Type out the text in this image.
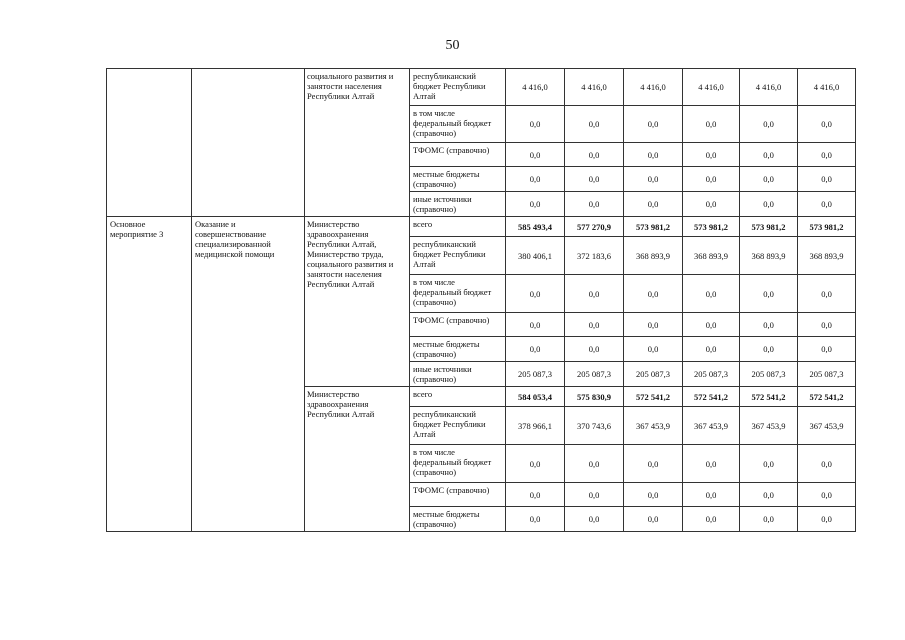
50
		социального развития и занятости населения Республики Алтай	республиканский бюджет Республики Алтай	4 416,0	4 416,0	4 416,0	4 416,0	4 416,0	4 416,0
			в том числе федеральный бюджет (справочно)	0,0	0,0	0,0	0,0	0,0	0,0
			ТФОМС (справочно)	0,0	0,0	0,0	0,0	0,0	0,0
			местные бюджеты (справочно)	0,0	0,0	0,0	0,0	0,0	0,0
			иные источники (справочно)	0,0	0,0	0,0	0,0	0,0	0,0
Основное мероприятие 3	Оказание и совершенствование специализированной медицинской помощи	Министерство здравоохранения Республики Алтай, Министерство труда, социального развития и занятости населения Республики Алтай	всего	585 493,4	577 270,9	573 981,2	573 981,2	573 981,2	573 981,2
			республиканский бюджет Республики Алтай	380 406,1	372 183,6	368 893,9	368 893,9	368 893,9	368 893,9
			в том числе федеральный бюджет (справочно)	0,0	0,0	0,0	0,0	0,0	0,0
			ТФОМС (справочно)	0,0	0,0	0,0	0,0	0,0	0,0
			местные бюджеты (справочно)	0,0	0,0	0,0	0,0	0,0	0,0
			иные источники (справочно)	205 087,3	205 087,3	205 087,3	205 087,3	205 087,3	205 087,3
		Министерство здравоохранения Республики Алтай	всего	584 053,4	575 830,9	572 541,2	572 541,2	572 541,2	572 541,2
			республиканский бюджет Республики Алтай	378 966,1	370 743,6	367 453,9	367 453,9	367 453,9	367 453,9
			в том числе федеральный бюджет (справочно)	0,0	0,0	0,0	0,0	0,0	0,0
			ТФОМС (справочно)	0,0	0,0	0,0	0,0	0,0	0,0
			местные бюджеты (справочно)	0,0	0,0	0,0	0,0	0,0	0,0
